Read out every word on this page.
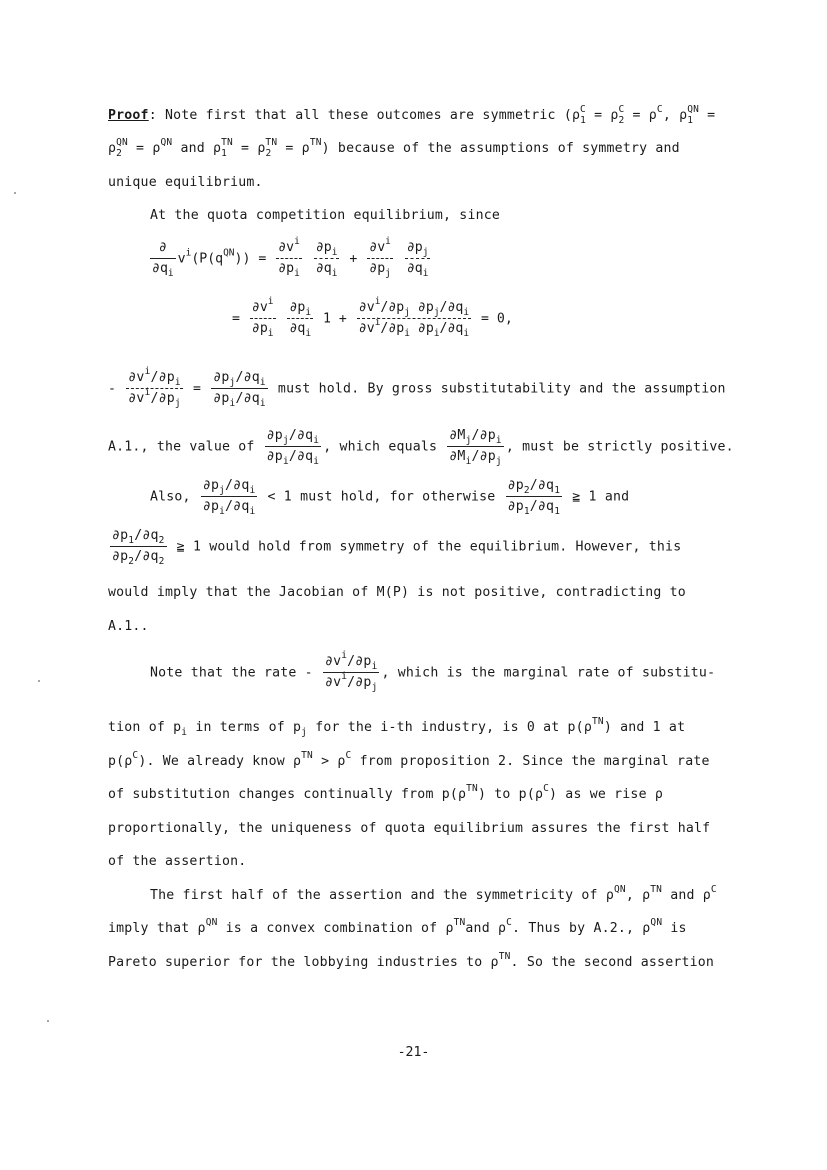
Proof: Note first that all these outcomes are symmetric ($\rho_1^C = \rho_2^C = \rho^C$, $\rho_1^{QN}$ =
$\rho_2^{QN} = \rho^{QN}$ and $\rho_1^{TN} = \rho_2^{TN} = \rho^{TN}$) because of the assumptions of symmetry and
unique equilibrium.
At the quota competition equilibrium, since
$\frac{\partial}{\partial q_i} v^i(P(q^{QN})) = \frac{\partial v^i}{\partial p_i}$
$\frac{\partial p_i}{\partial q_i} + \frac{\partial v^i}{\partial p_j}$
$\frac{\partial p_j}{\partial q_i}$
= $\frac{\partial v^i}{\partial p_i}$
$\frac{\partial p_i}{\partial q_i} 1 + \frac{\partial v^i/\partial p_j \partial p_j/\partial q_i}{\partial v^i/\partial p_i \partial p_i/\partial q_i} = 0$,
- $\frac{\partial v^i/\partial p_i}{\partial v^i/\partial p_j} = \frac{\partial p_j/\partial q_i}{\partial p_i/\partial q_i}$ must hold. By gross substitutability and the assumption
A.1., the value of $\frac{\partial p_j/\partial q_i}{\partial p_i/\partial q_i}$ , which equals $\frac{\partial M_j/\partial p_i}{\partial M_i/\partial p_j}$ , must be strictly positive.
Also, $\frac{\partial p_j/\partial q_i}{\partial p_i/\partial q_i} < 1$ must hold, for otherwise $\frac{\partial p_2/\partial q_1}{\partial p_1/\partial q_1}$ ≧ 1 and
$\frac{\partial p_1/\partial q_2}{\partial p_2/\partial q_2}$ ≧ 1 would hold from symmetry of the equilibrium. However, this
would imply that the Jacobian of M(P) is not positive, contradicting to
A.1..
Note that the rate - $\frac{\partial v^i/\partial p_i}{\partial v^i/\partial p_j}$ , which is the marginal rate of substitu-
tion of $p_i$ in terms of $p_j$ for the i-th industry, is 0 at $p(\rho^{TN})$ and 1 at
$p(\rho^C)$. We already know $\rho^{TN} > \rho^C$ from proposition 2. Since the marginal rate
of substitution changes continually from $p(\rho^{TN})$ to $p(\rho^C)$ as we rise ρ
proportionally, the uniqueness of quota equilibrium assures the first half
of the assertion.
The first half of the assertion and the symmetricity of $\rho^{QN}$, $\rho^{TN}$ and $\rho^C$
imply that $\rho^{QN}$ is a convex combination of $\rho^{TN}and$ $\rho^C$. Thus by A.2., $\rho^{QN}$ is
Pareto superior for the lobbying industries to $\rho^{TN}$. So the second assertion
-21-
